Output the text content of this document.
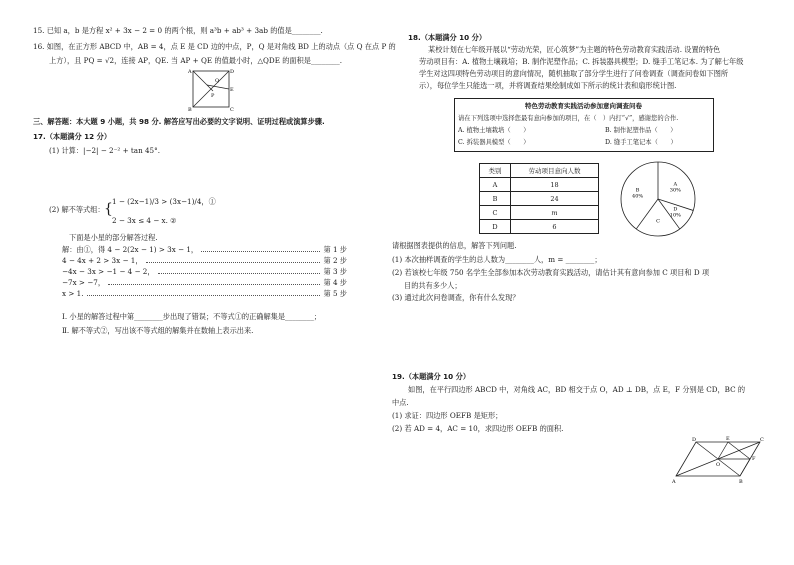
15. 已知 a，b 是方程 x² + 3x − 2 = 0 的两个根，则 a³b + ab³ + 3ab 的值是________.
16. 如图，在正方形 ABCD 中，AB = 4，点 E 是 CD 边的中点，P，Q 是对角线 BD 上的动点（点 Q 在点 P 的
上方），且 PQ = √2，连接 AP，QE. 当 AP + QE 的值最小时，△QDE 的面积是________.
A
B	C
D
E
P
Q
三、解答题：本大题 9 小题，共 98 分. 解答应写出必要的文字说明、证明过程或演算步骤.
17.（本题满分 12 分）
(1) 计算：|−2| − 2⁻² + tan 45°.
(2) 解不等式组： { 1 − (2x−1)/3 > (3x−1)/4，①
2 − 3x ≤ 4 − x. ②
下面是小星的部分解答过程.
解：由①，得 4 − 2(2x − 1) > 3x − 1，	第 1 步
4 − 4x + 2 > 3x − 1，	第 2 步
−4x − 3x > −1 − 4 − 2，	第 3 步
−7x > −7，	第 4 步
x > 1.	第 5 步
Ⅰ. 小星的解答过程中第________步出现了错误；不等式①的正确解集是________；
Ⅱ. 解不等式②，写出该不等式组的解集并在数轴上表示出来.
18.（本题满分 10 分）
某校计划在七年级开展以“劳动光荣，匠心筑梦”为主题的特色劳动教育实践活动. 设置的特色
劳动项目有：A. 植物土壤栽培；B. 制作泥塑作品；C. 拆装器具模型；D. 缝手工笔记本. 为了解七年级
学生对这四项特色劳动项目的意向情况，随机抽取了部分学生进行了问卷调查（调查问卷如下图所
示），每位学生只能选一项，并将调查结果绘制成如下所示的统计表和扇形统计图.
特色劳动教育实践活动参加意向调查问卷
请在下列选项中选择您最有意向参加的项目，在（　）内打“√”，感谢您的合作.
A. 植物土壤栽培（　　）	B. 制作泥塑作品（　　）
C. 拆装器具模型（　　）	D. 缝手工笔记本（　　）
类别	劳动项目意向人数
A	18
B	24
C	m
D	6
A
30%
D
10%
C
B
40%
请根据图表提供的信息，解答下列问题.
(1) 本次抽样调查的学生的总人数为________人，m = ________；
(2) 若该校七年级 750 名学生全部参加本次劳动教育实践活动，请估计其有意向参加 C 项目和 D 项
目的共有多少人；
(3) 通过此次问卷调查，你有什么发现？
19.（本题满分 10 分）
如图，在平行四边形 ABCD 中，对角线 AC，BD 相交于点 O，AD ⊥ DB，点 E，F 分别是 CD，BC 的
中点.
(1) 求证：四边形 OEFB 是矩形；
(2) 若 AD = 4，AC = 10，求四边形 OEFB 的面积.
A	B
C
D	E
F
O
